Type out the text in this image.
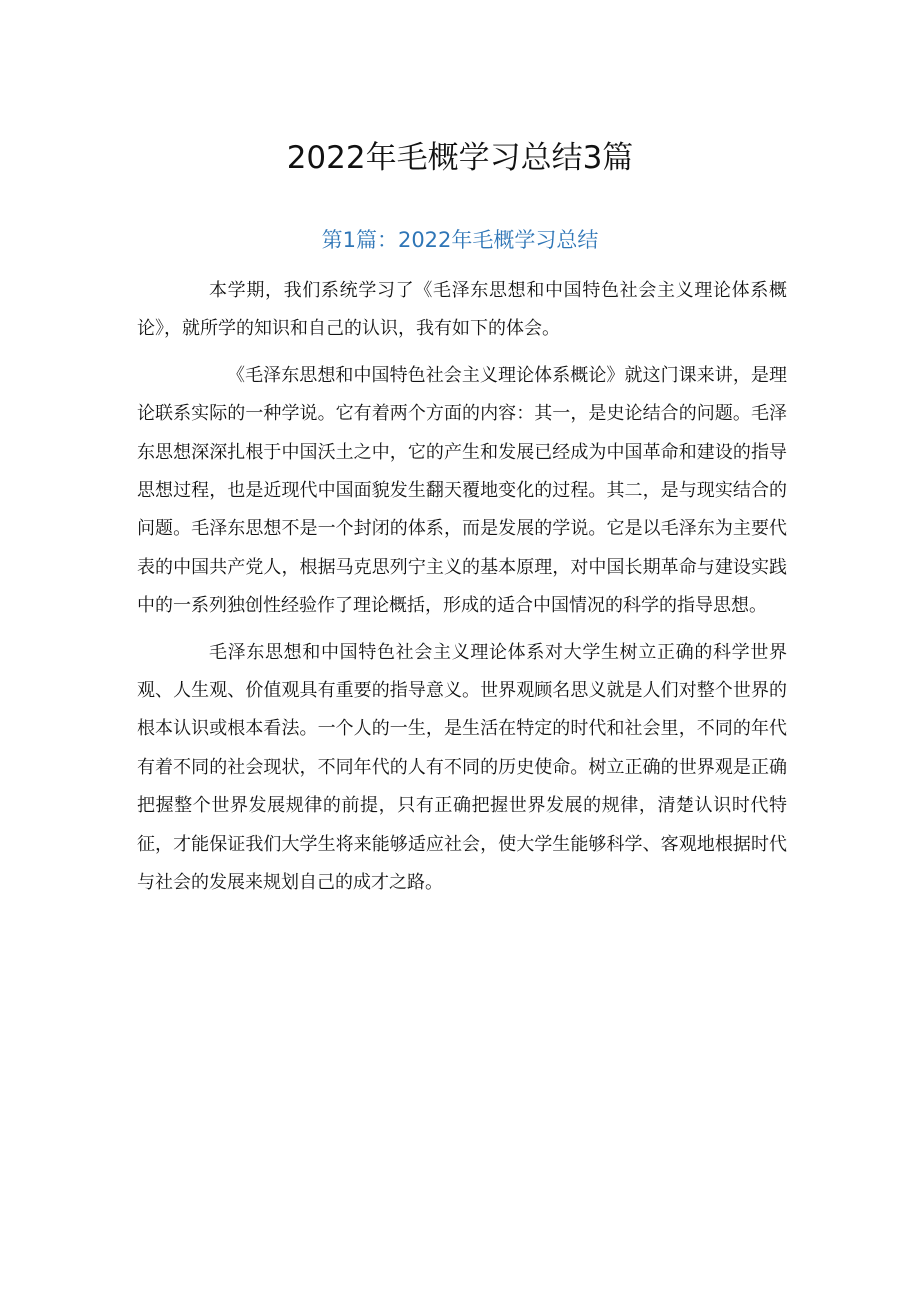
2022年毛概学习总结3篇
第1篇：2022年毛概学习总结

本学期，我们系统学习了《毛泽东思想和中国特色社会主义理论体系概论》，就所学的知识和自己的认识，我有如下的体会。

《毛泽东思想和中国特色社会主义理论体系概论》就这门课来讲，是理论联系实际的一种学说。它有着两个方面的内容：其一，是史论结合的问题。毛泽东思想深深扎根于中国沃土之中，它的产生和发展已经成为中国革命和建设的指导思想过程，也是近现代中国面貌发生翻天覆地变化的过程。其二，是与现实结合的问题。毛泽东思想不是一个封闭的体系，而是发展的学说。它是以毛泽东为主要代表的中国共产党人，根据马克思列宁主义的基本原理，对中国长期革命与建设实践中的一系列独创性经验作了理论概括，形成的适合中国情况的科学的指导思想。

毛泽东思想和中国特色社会主义理论体系对大学生树立正确的科学世界观、人生观、价值观具有重要的指导意义。世界观顾名思义就是人们对整个世界的根本认识或根本看法。一个人的一生，是生活在特定的时代和社会里，不同的年代有着不同的社会现状，不同年代的人有不同的历史使命。树立正确的世界观是正确把握整个世界发展规律的前提，只有正确把握世界发展的规律，清楚认识时代特征，才能保证我们大学生将来能够适应社会，使大学生能够科学、客观地根据时代与社会的发展来规划自己的成才之路。
